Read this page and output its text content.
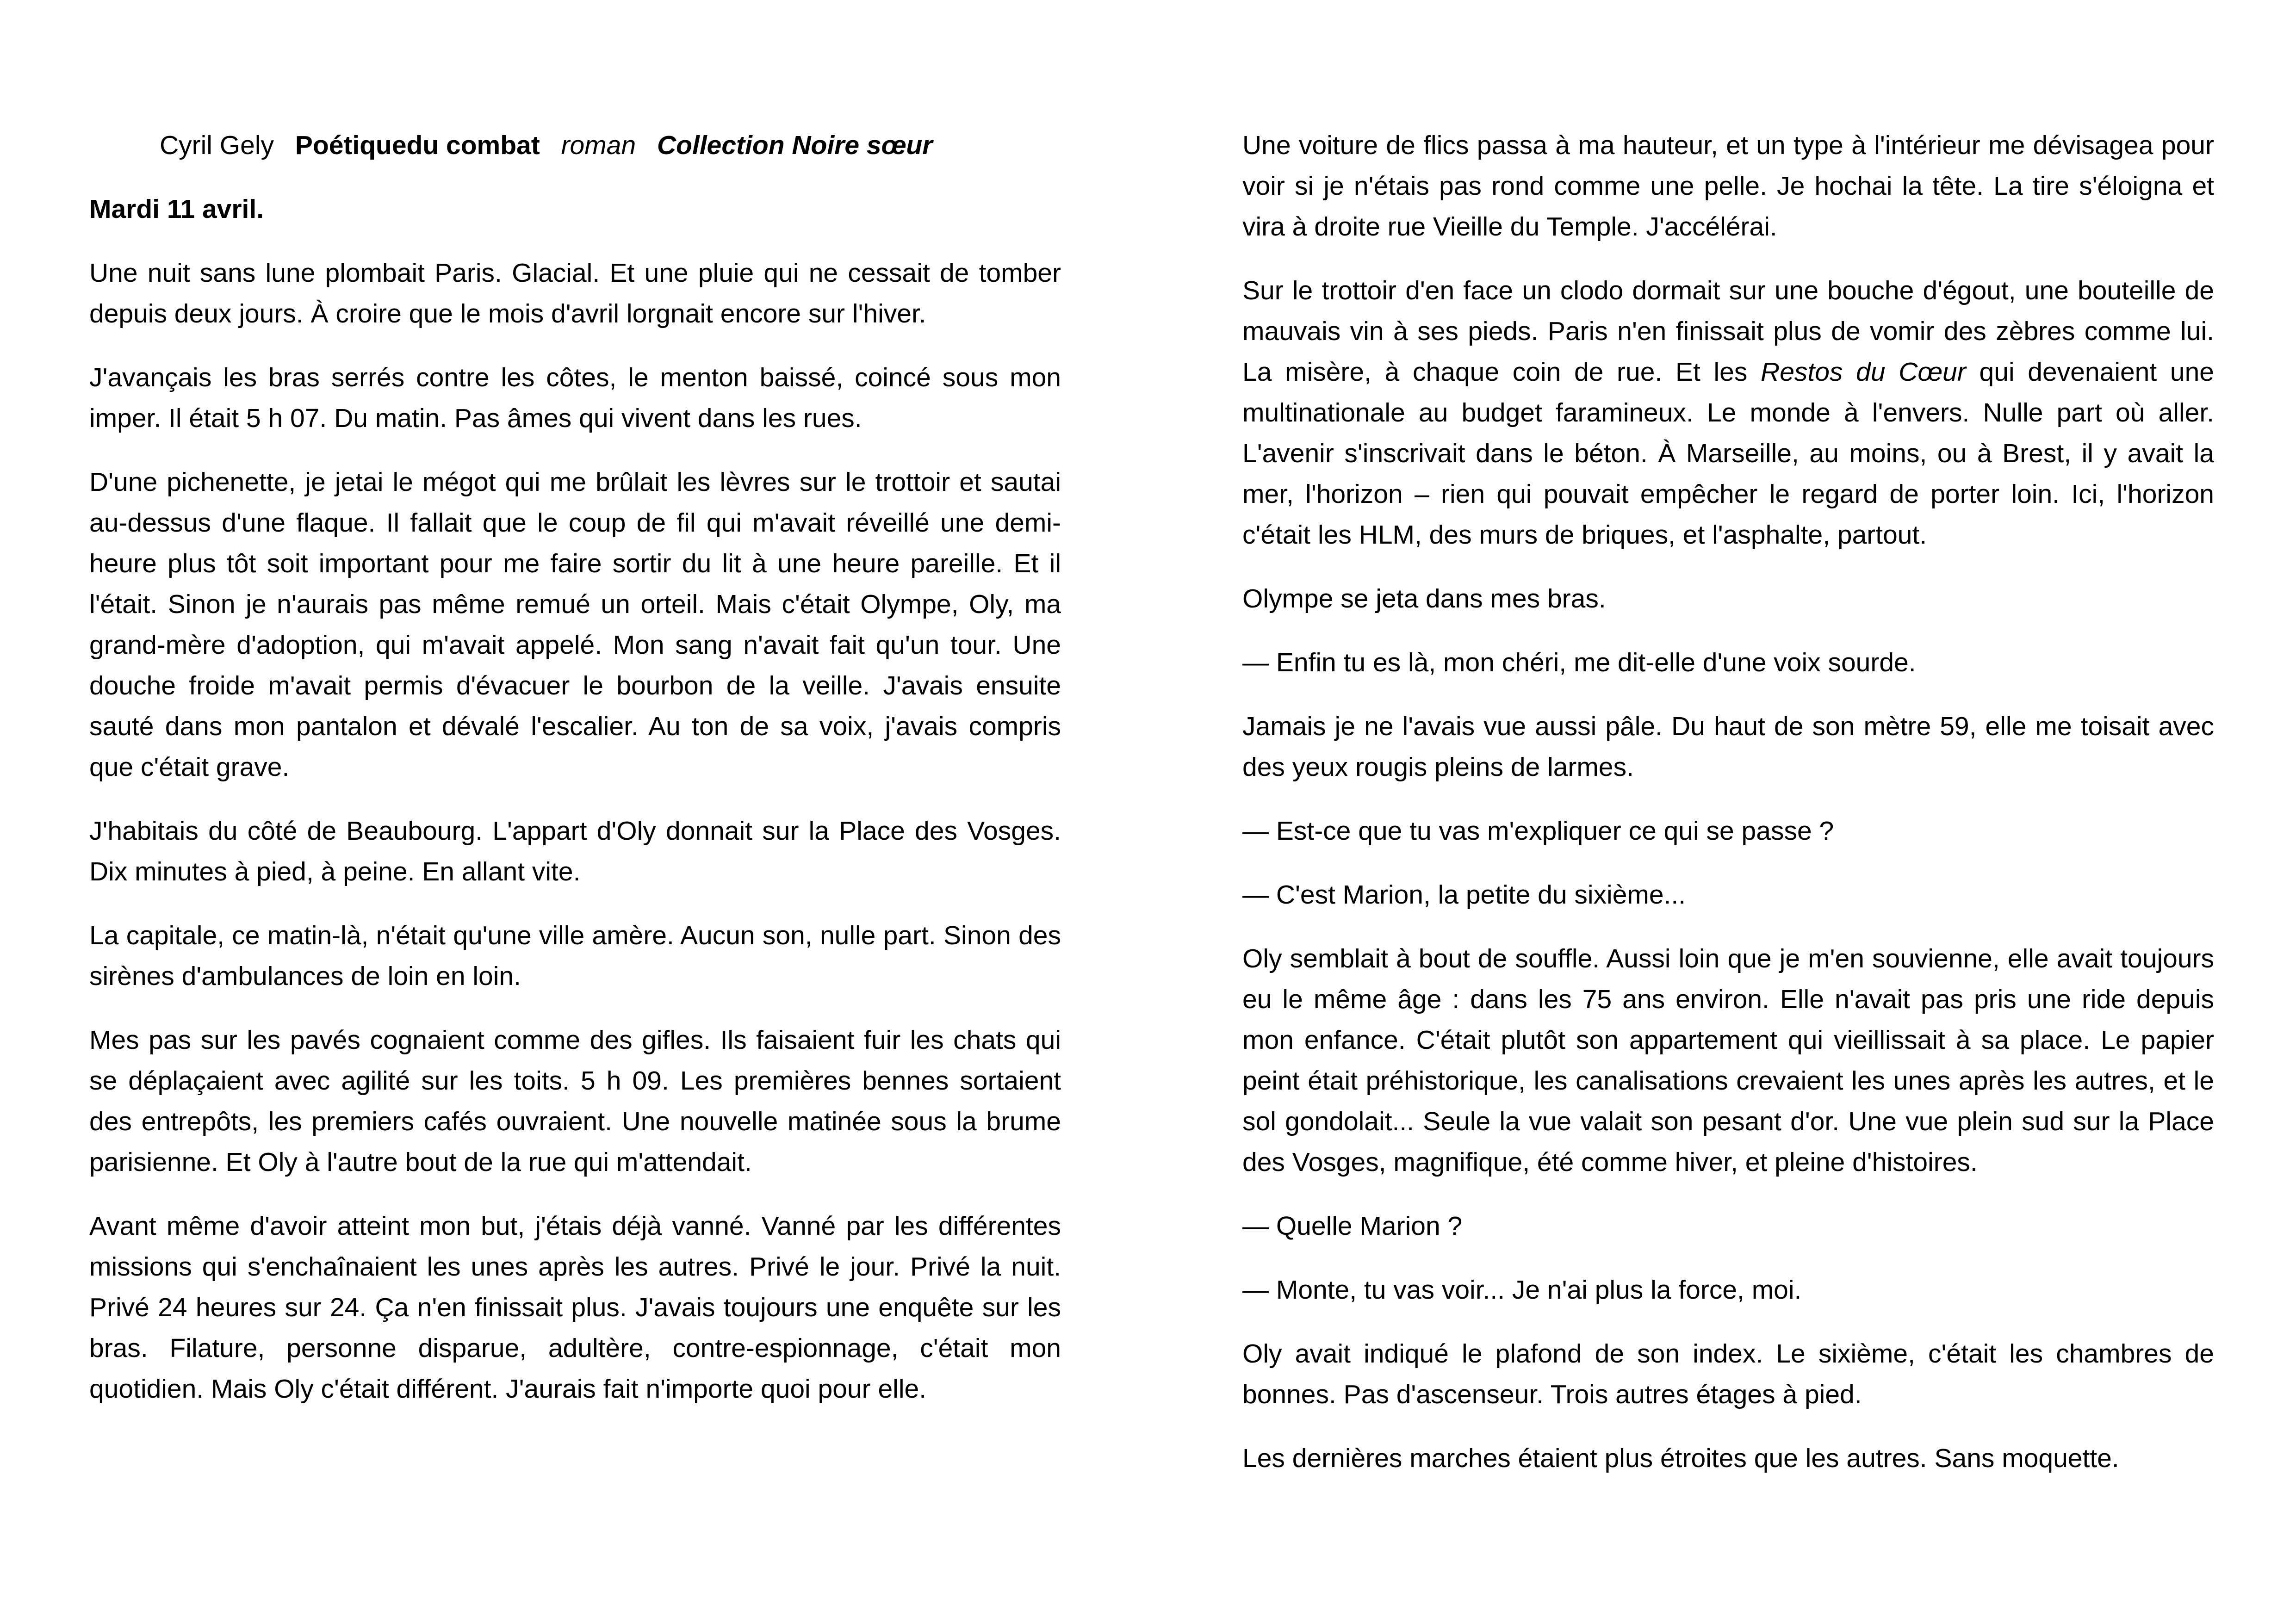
Cyril Gely Poétiquedu combat roman Collection Noire sœur

Mardi 11 avril.

Une nuit sans lune plombait Paris. Glacial. Et une pluie qui ne cessait de tomber depuis deux jours. À croire que le mois d'avril lorgnait encore sur l'hiver.

J'avançais les bras serrés contre les côtes, le menton baissé, coincé sous mon imper. Il était 5 h 07. Du matin. Pas âmes qui vivent dans les rues.

D'une pichenette, je jetai le mégot qui me brûlait les lèvres sur le trottoir et sautai au-dessus d'une flaque. Il fallait que le coup de fil qui m'avait réveillé une demi-heure plus tôt soit important pour me faire sortir du lit à une heure pareille. Et il l'était. Sinon je n'aurais pas même remué un orteil. Mais c'était Olympe, Oly, ma grand-mère d'adoption, qui m'avait appelé. Mon sang n'avait fait qu'un tour. Une douche froide m'avait permis d'évacuer le bourbon de la veille. J'avais ensuite sauté dans mon pantalon et dévalé l'escalier. Au ton de sa voix, j'avais compris que c'était grave.

J'habitais du côté de Beaubourg. L'appart d'Oly donnait sur la Place des Vosges. Dix minutes à pied, à peine. En allant vite.

La capitale, ce matin-là, n'était qu'une ville amère. Aucun son, nulle part. Sinon des sirènes d'ambulances de loin en loin.

Mes pas sur les pavés cognaient comme des gifles. Ils faisaient fuir les chats qui se déplaçaient avec agilité sur les toits. 5 h 09. Les premières bennes sortaient des entrepôts, les premiers cafés ouvraient. Une nouvelle matinée sous la brume parisienne. Et Oly à l'autre bout de la rue qui m'attendait.

Avant même d'avoir atteint mon but, j'étais déjà vanné. Vanné par les différentes missions qui s'enchaînaient les unes après les autres. Privé le jour. Privé la nuit. Privé 24 heures sur 24. Ça n'en finissait plus. J'avais toujours une enquête sur les bras. Filature, personne disparue, adultère, contre-espionnage, c'était mon quotidien. Mais Oly c'était différent. J'aurais fait n'importe quoi pour elle.

Une voiture de flics passa à ma hauteur, et un type à l'intérieur me dévisagea pour voir si je n'étais pas rond comme une pelle. Je hochai la tête. La tire s'éloigna et vira à droite rue Vieille du Temple. J'accélérai.

Sur le trottoir d'en face un clodo dormait sur une bouche d'égout, une bouteille de mauvais vin à ses pieds. Paris n'en finissait plus de vomir des zèbres comme lui. La misère, à chaque coin de rue. Et les Restos du Cœur qui devenaient une multinationale au budget faramineux. Le monde à l'envers. Nulle part où aller. L'avenir s'inscrivait dans le béton. À Marseille, au moins, ou à Brest, il y avait la mer, l'horizon – rien qui pouvait empêcher le regard de porter loin. Ici, l'horizon c'était les HLM, des murs de briques, et l'asphalte, partout.

Olympe se jeta dans mes bras.

— Enfin tu es là, mon chéri, me dit-elle d'une voix sourde.

Jamais je ne l'avais vue aussi pâle. Du haut de son mètre 59, elle me toisait avec des yeux rougis pleins de larmes.

— Est-ce que tu vas m'expliquer ce qui se passe ?

— C'est Marion, la petite du sixième...

Oly semblait à bout de souffle. Aussi loin que je m'en souvienne, elle avait toujours eu le même âge : dans les 75 ans environ. Elle n'avait pas pris une ride depuis mon enfance. C'était plutôt son appartement qui vieillissait à sa place. Le papier peint était préhistorique, les canalisations crevaient les unes après les autres, et le sol gondolait... Seule la vue valait son pesant d'or. Une vue plein sud sur la Place des Vosges, magnifique, été comme hiver, et pleine d'histoires.

— Quelle Marion ?

— Monte, tu vas voir... Je n'ai plus la force, moi.

Oly avait indiqué le plafond de son index. Le sixième, c'était les chambres de bonnes. Pas d'ascenseur. Trois autres étages à pied.

Les dernières marches étaient plus étroites que les autres. Sans moquette.
